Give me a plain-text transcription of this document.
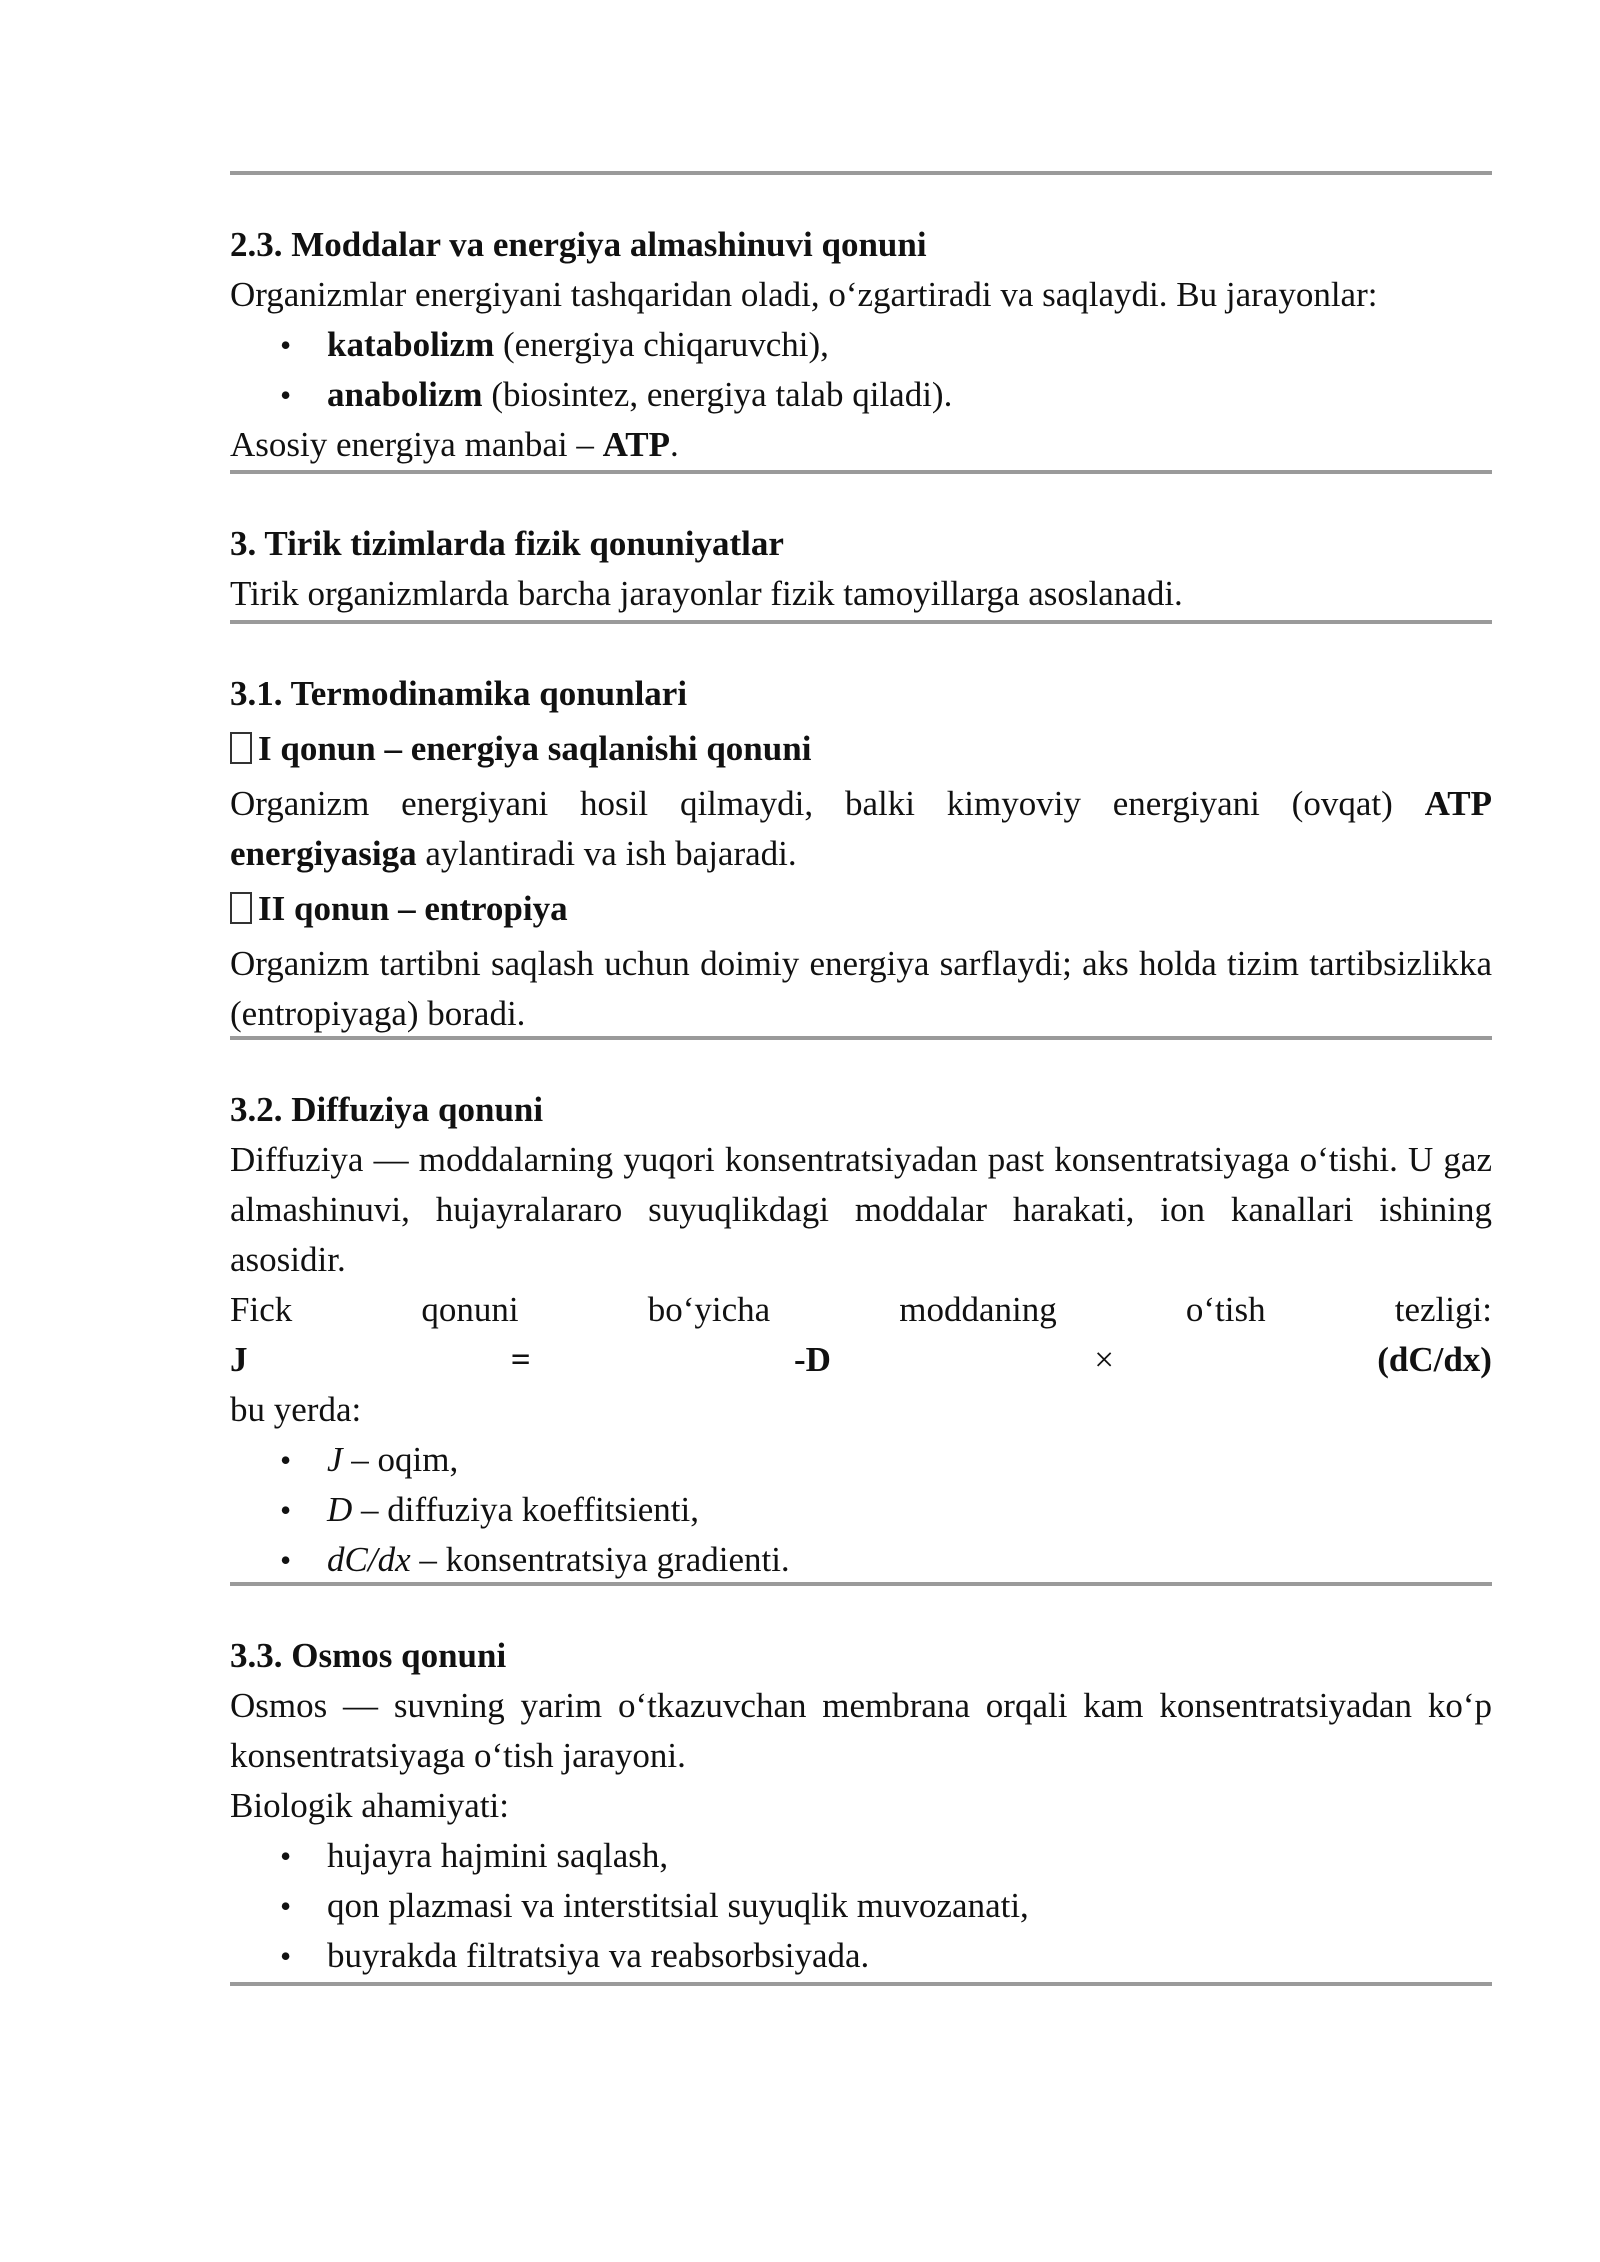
2.3. Moddalar va energiya almashinuvi qonuni

Organizmlar energiyani tashqaridan oladi, o‘zgartiradi va saqlaydi. Bu jarayonlar:

• katabolizm (energiya chiqaruvchi),
• anabolizm (biosintez, energiya talab qiladi).

Asosiy energiya manbai – ATP.

3. Tirik tizimlarda fizik qonuniyatlar

Tirik organizmlarda barcha jarayonlar fizik tamoyillarga asoslanadi.

3.1. Termodinamika qonunlari

I qonun – energiya saqlanishi qonuni

Organizm energiyani hosil qilmaydi, balki kimyoviy energiyani (ovqat) ATP energiyasiga aylantiradi va ish bajaradi.

II qonun – entropiya

Organizm tartibni saqlash uchun doimiy energiya sarflaydi; aks holda tizim tartibsizlikka (entropiyaga) boradi.

3.2. Diffuziya qonuni

Diffuziya — moddalarning yuqori konsentratsiyadan past konsentratsiyaga o‘tishi. U gaz almashinuvi, hujayralararo suyuqlikdagi moddalar harakati, ion kanallari ishining asosidir.

Fick	qonuni	bo‘yicha	moddaning	o‘tish	tezligi:
J	=	-D	×	(dC/dx)

bu yerda:

• J – oqim,
• D – diffuziya koeffitsienti,
• dC/dx – konsentratsiya gradienti.

3.3. Osmos qonuni

Osmos — suvning yarim o‘tkazuvchan membrana orqali kam konsentratsiyadan ko‘p konsentratsiyaga o‘tish jarayoni.

Biologik ahamiyati:

• hujayra hajmini saqlash,
• qon plazmasi va interstitsial suyuqlik muvozanati,
• buyrakda filtratsiya va reabsorbsiyada.
